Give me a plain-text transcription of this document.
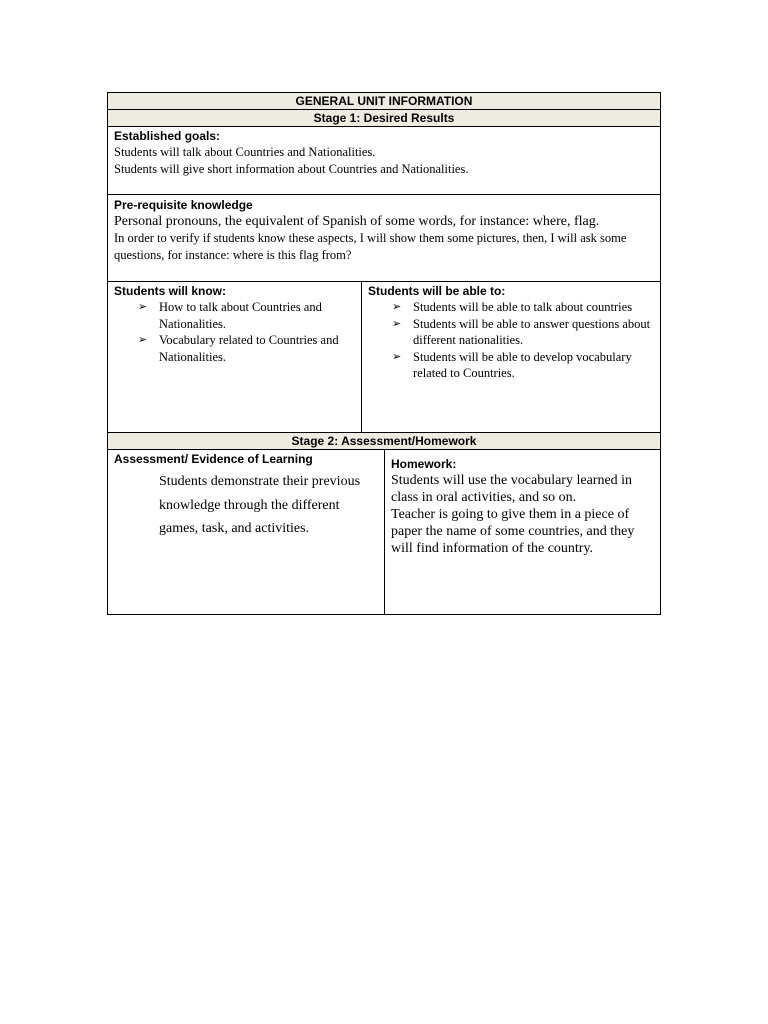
GENERAL UNIT INFORMATION
Stage 1: Desired Results
Established goals:
Students will talk about Countries and Nationalities.
Students will give short information about Countries and Nationalities.
Pre-requisite knowledge
Personal pronouns, the equivalent of Spanish of some words, for instance: where, flag.
In order to verify if students know these aspects, I will show them some pictures, then, I will ask some questions, for instance: where is this flag from?
Students will know:
➢ How to talk about Countries and Nationalities.
➢ Vocabulary related to Countries and Nationalities.
Students will be able to:
➢ Students will be able to talk about countries
➢ Students will be able to answer questions about different nationalities.
➢ Students will be able to develop vocabulary related to Countries.
Stage 2: Assessment/Homework
Assessment/ Evidence of Learning
Students demonstrate their previous knowledge through the different games, task, and activities.
Homework:
Students will use the vocabulary learned in class in oral activities, and so on.
Teacher is going to give them in a piece of paper the name of some countries, and they will find information of the country.
